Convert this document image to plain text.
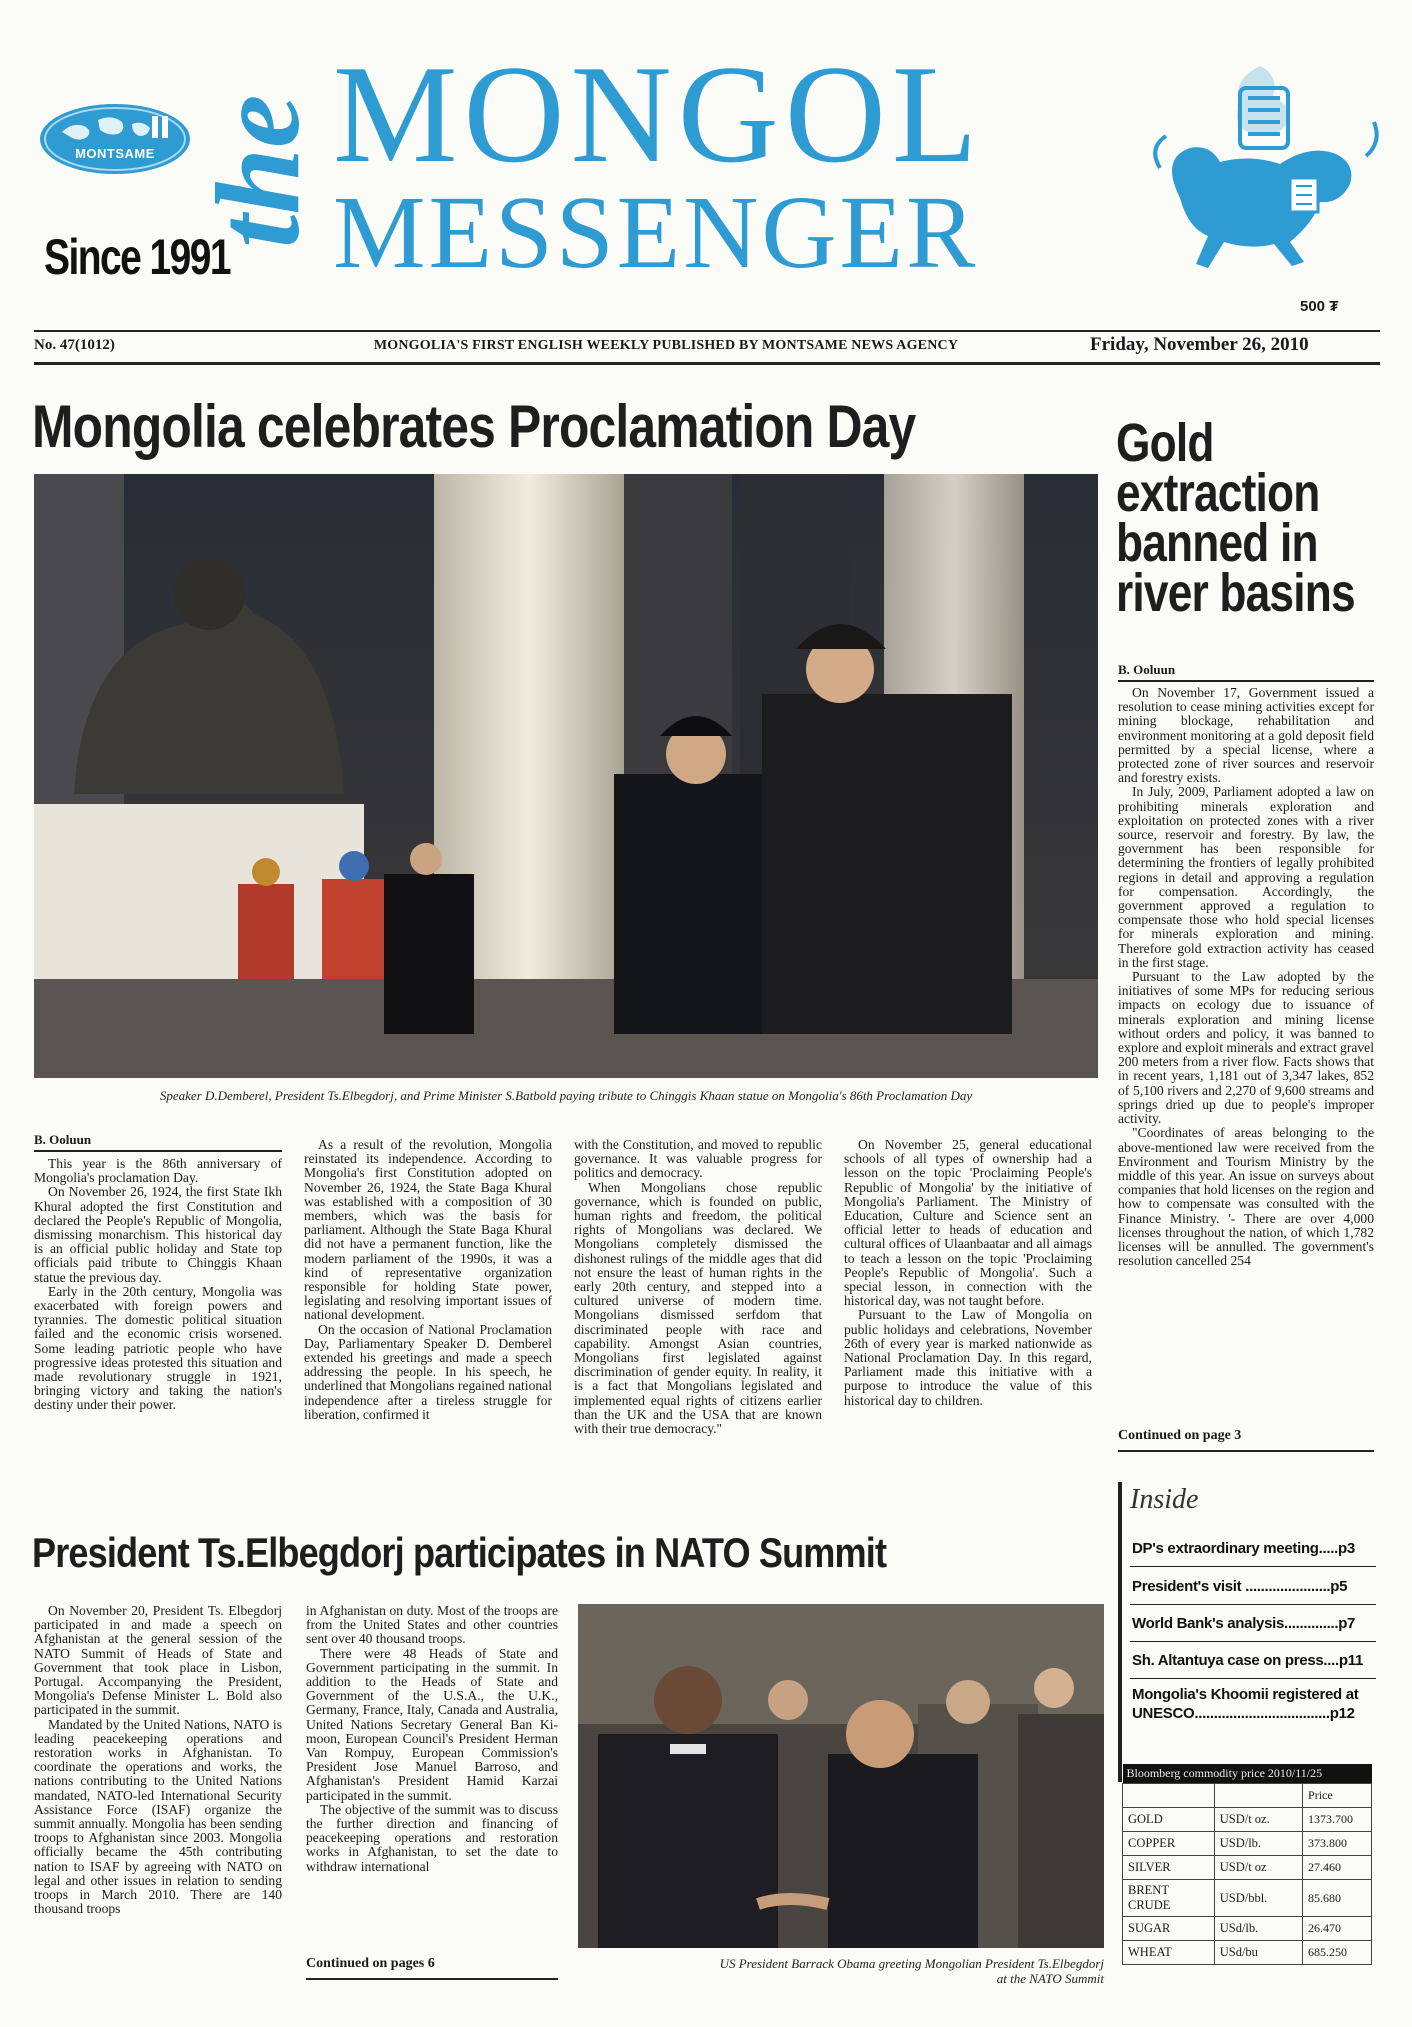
MONTSAME
Since 1991
the MONGOL
MESSENGER
500 ₮
No. 47(1012)	MONGOLIA'S FIRST ENGLISH WEEKLY PUBLISHED BY MONTSAME NEWS AGENCY	Friday, November 26, 2010
Mongolia celebrates Proclamation Day
Speaker D.Demberel, President Ts.Elbegdorj, and Prime Minister S.Batbold paying tribute to Chinggis Khaan statue on Mongolia's 86th Proclamation Day
B. Ooluun

This year is the 86th anniversary of Mongolia's proclamation Day.

On November 26, 1924, the first State Ikh Khural adopted the first Constitution and declared the People's Republic of Mongolia, dismissing monarchism. This historical day is an official public holiday and State top officials paid tribute to Chinggis Khaan statue the previous day.

Early in the 20th century, Mongolia was exacerbated with foreign powers and tyrannies. The domestic political situation failed and the economic crisis worsened. Some leading patriotic people who have progressive ideas protested this situation and made revolutionary struggle in 1921, bringing victory and taking the nation's destiny under their power.

As a result of the revolution, Mongolia reinstated its independence. According to Mongolia's first Constitution adopted on November 26, 1924, the State Baga Khural was established with a composition of 30 members, which was the basis for parliament. Although the State Baga Khural did not have a permanent function, like the modern parliament of the 1990s, it was a kind of representative organization responsible for holding State power, legislating and resolving important issues of national development.

On the occasion of National Proclamation Day, Parliamentary Speaker D. Demberel extended his greetings and made a speech addressing the people. In his speech, he underlined that Mongolians regained national independence after a tireless struggle for liberation, confirmed it

with the Constitution, and moved to republic governance. It was valuable progress for politics and democracy.

When Mongolians chose republic governance, which is founded on public, human rights and freedom, the political rights of Mongolians was declared. We Mongolians completely dismissed the dishonest rulings of the middle ages that did not ensure the least of human rights in the early 20th century, and stepped into a cultured universe of modern time. Mongolians dismissed serfdom that discriminated people with race and capability. Amongst Asian countries, Mongolians first legislated against discrimination of gender equity. In reality, it is a fact that Mongolians legislated and implemented equal rights of citizens earlier than the UK and the USA that are known with their true democracy."

On November 25, general educational schools of all types of ownership had a lesson on the topic 'Proclaiming People's Republic of Mongolia' by the initiative of Mongolia's Parliament. The Ministry of Education, Culture and Science sent an official letter to heads of education and cultural offices of Ulaanbaatar and all aimags to teach a lesson on the topic 'Proclaiming People's Republic of Mongolia'. Such a special lesson, in connection with the historical day, was not taught before.

Pursuant to the Law of Mongolia on public holidays and celebrations, November 26th of every year is marked nationwide as National Proclamation Day. In this regard, Parliament made this initiative with a purpose to introduce the value of this historical day to children.

Gold
extraction
banned in
river basins
B. Ooluun

On November 17, Government issued a resolution to cease mining activities except for mining blockage, rehabilitation and environment monitoring at a gold deposit field permitted by a special license, where a protected zone of river sources and reservoir and forestry exists.

In July, 2009, Parliament adopted a law on prohibiting minerals exploration and exploitation on protected zones with a river source, reservoir and forestry. By law, the government has been responsible for determining the frontiers of legally prohibited regions in detail and approving a regulation for compensation. Accordingly, the government approved a regulation to compensate those who hold special licenses for minerals exploration and mining. Therefore gold extraction activity has ceased in the first stage.

Pursuant to the Law adopted by the initiatives of some MPs for reducing serious impacts on ecology due to issuance of minerals exploration and mining license without orders and policy, it was banned to explore and exploit minerals and extract gravel 200 meters from a river flow. Facts shows that in recent years, 1,181 out of 3,347 lakes, 852 of 5,100 rivers and 2,270 of 9,600 streams and springs dried up due to people's improper activity.

"Coordinates of areas belonging to the above-mentioned law were received from the Environment and Tourism Ministry by the middle of this year. An issue on surveys about companies that hold licenses on the region and how to compensate was consulted with the Finance Ministry. '- There are over 4,000 licenses throughout the nation, of which 1,782 licenses will be annulled. The government's resolution cancelled 254

Continued on page 3
Inside
DP's extraordinary meeting.....p3
President's visit ......................p5
World Bank's analysis..............p7
Sh. Altantuya case on press....p11
Mongolia's Khoomii registered at
UNESCO...................................p12
Bloomberg commodity price 2010/11/25		
		Price
GOLD	USD/t oz.	1373.700
COPPER	USD/lb.	373.800
SILVER	USD/t oz	27.460
BRENT CRUDE	USD/bbl.	85.680
SUGAR	USd/lb.	26.470
WHEAT	USd/bu	685.250
President Ts.Elbegdorj participates in NATO Summit

On November 20, President Ts. Elbegdorj participated in and made a speech on Afghanistan at the general session of the NATO Summit of Heads of State and Government that took place in Lisbon, Portugal. Accompanying the President, Mongolia's Defense Minister L. Bold also participated in the summit.

Mandated by the United Nations, NATO is leading peacekeeping operations and restoration works in Afghanistan. To coordinate the operations and works, the nations contributing to the United Nations mandated, NATO-led International Security Assistance Force (ISAF) organize the summit annually. Mongolia has been sending troops to Afghanistan since 2003. Mongolia officially became the 45th contributing nation to ISAF by agreeing with NATO on legal and other issues in relation to sending troops in March 2010. There are 140 thousand troops

in Afghanistan on duty. Most of the troops are from the United States and other countries sent over 40 thousand troops.

There were 48 Heads of State and Government participating in the summit. In addition to the Heads of State and Government of the U.S.A., the U.K., Germany, France, Italy, Canada and Australia, United Nations Secretary General Ban Ki-moon, European Council's President Herman Van Rompuy, European Commission's President Jose Manuel Barroso, and Afghanistan's President Hamid Karzai participated in the summit.

The objective of the summit was to discuss the further direction and financing of peacekeeping operations and restoration works in Afghanistan, to set the date to withdraw international

Continued on pages 6	US President Barrack Obama greeting Mongolian President Ts.Elbegdorj
at the NATO Summit
